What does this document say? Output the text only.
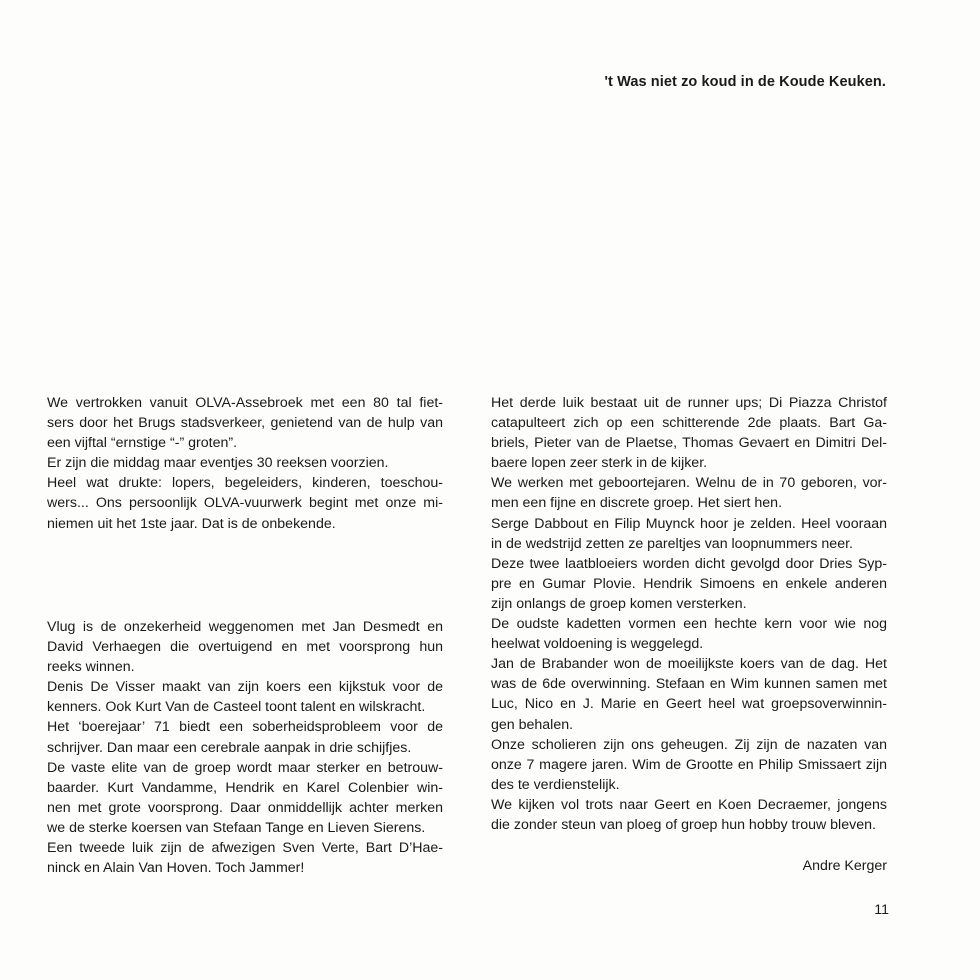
't Was niet zo koud in de Koude Keuken.

We vertrokken vanuit OLVA-Assebroek met een 80 tal fiet-

sers door het Brugs stadsverkeer, genietend van de hulp van

een vijftal “ernstige “-” groten”.

Er zijn die middag maar eventjes 30 reeksen voorzien.

Heel wat drukte: lopers, begeleiders, kinderen, toeschou-

wers... Ons persoonlijk OLVA-vuurwerk begint met onze mi-

niemen uit het 1ste jaar. Dat is de onbekende.

Vlug is de onzekerheid weggenomen met Jan Desmedt en

David Verhaegen die overtuigend en met voorsprong hun

reeks winnen.

Denis De Visser maakt van zijn koers een kijkstuk voor de

kenners. Ook Kurt Van de Casteel toont talent en wilskracht.

Het ‘boerejaar’ 71 biedt een soberheidsprobleem voor de

schrijver. Dan maar een cerebrale aanpak in drie schijfjes.

De vaste elite van de groep wordt maar sterker en betrouw-

baarder. Kurt Vandamme, Hendrik en Karel Colenbier win-

nen met grote voorsprong. Daar onmiddellijk achter merken

we de sterke koersen van Stefaan Tange en Lieven Sierens.

Een tweede luik zijn de afwezigen Sven Verte, Bart D’Hae-

ninck en Alain Van Hoven. Toch Jammer!

Het derde luik bestaat uit de runner ups; Di Piazza Christof

catapulteert zich op een schitterende 2de plaats. Bart Ga-

briels, Pieter van de Plaetse, Thomas Gevaert en Dimitri Del-

baere lopen zeer sterk in de kijker.

We werken met geboortejaren. Welnu de in 70 geboren, vor-

men een fijne en discrete groep. Het siert hen.

Serge Dabbout en Filip Muynck hoor je zelden. Heel vooraan

in de wedstrijd zetten ze pareltjes van loopnummers neer.

Deze twee laatbloeiers worden dicht gevolgd door Dries Syp-

pre en Gumar Plovie. Hendrik Simoens en enkele anderen

zijn onlangs de groep komen versterken.

De oudste kadetten vormen een hechte kern voor wie nog

heelwat voldoening is weggelegd.

Jan de Brabander won de moeilijkste koers van de dag. Het

was de 6de overwinning. Stefaan en Wim kunnen samen met

Luc, Nico en J. Marie en Geert heel wat groepsoverwinnin-

gen behalen.

Onze scholieren zijn ons geheugen. Zij zijn de nazaten van

onze 7 magere jaren. Wim de Grootte en Philip Smissaert zijn

des te verdienstelijk.

We kijken vol trots naar Geert en Koen Decraemer, jongens

die zonder steun van ploeg of groep hun hobby trouw bleven.

Andre Kerger
11
